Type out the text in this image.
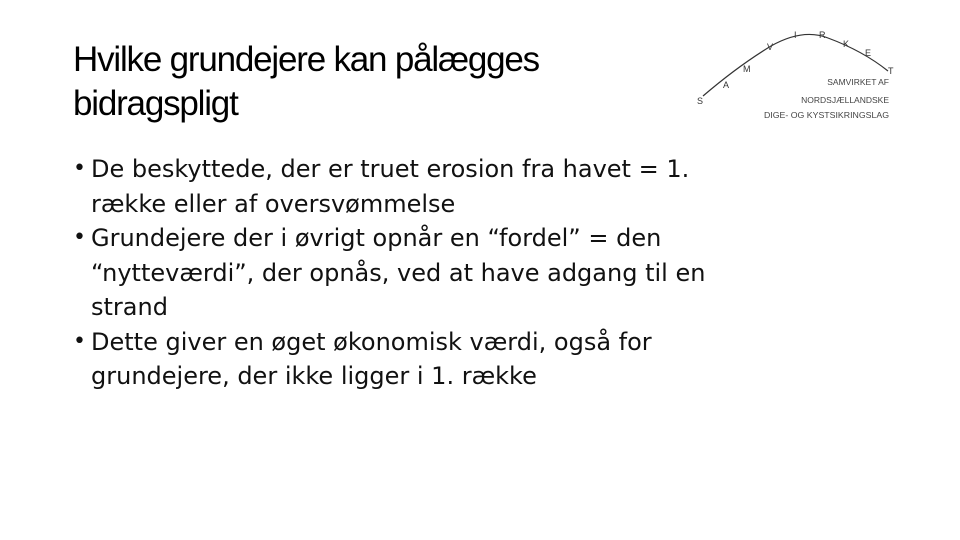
Hvilke grundejere kan pålægges
bidragspligt	S
A
M
V
I R
K
E
T
SAMVIRKET AF
NORDSJÆLLANDSKE
DIGE- OG KYSTSIKRINGSLAG
• De beskyttede, der er truet erosion fra havet = 1.
række eller af oversvømmelse
• Grundejere der i øvrigt opnår en “fordel” = den
“nytteværdi”, der opnås, ved at have adgang til en
strand
• Dette giver en øget økonomisk værdi, også for
grundejere, der ikke ligger i 1. række
